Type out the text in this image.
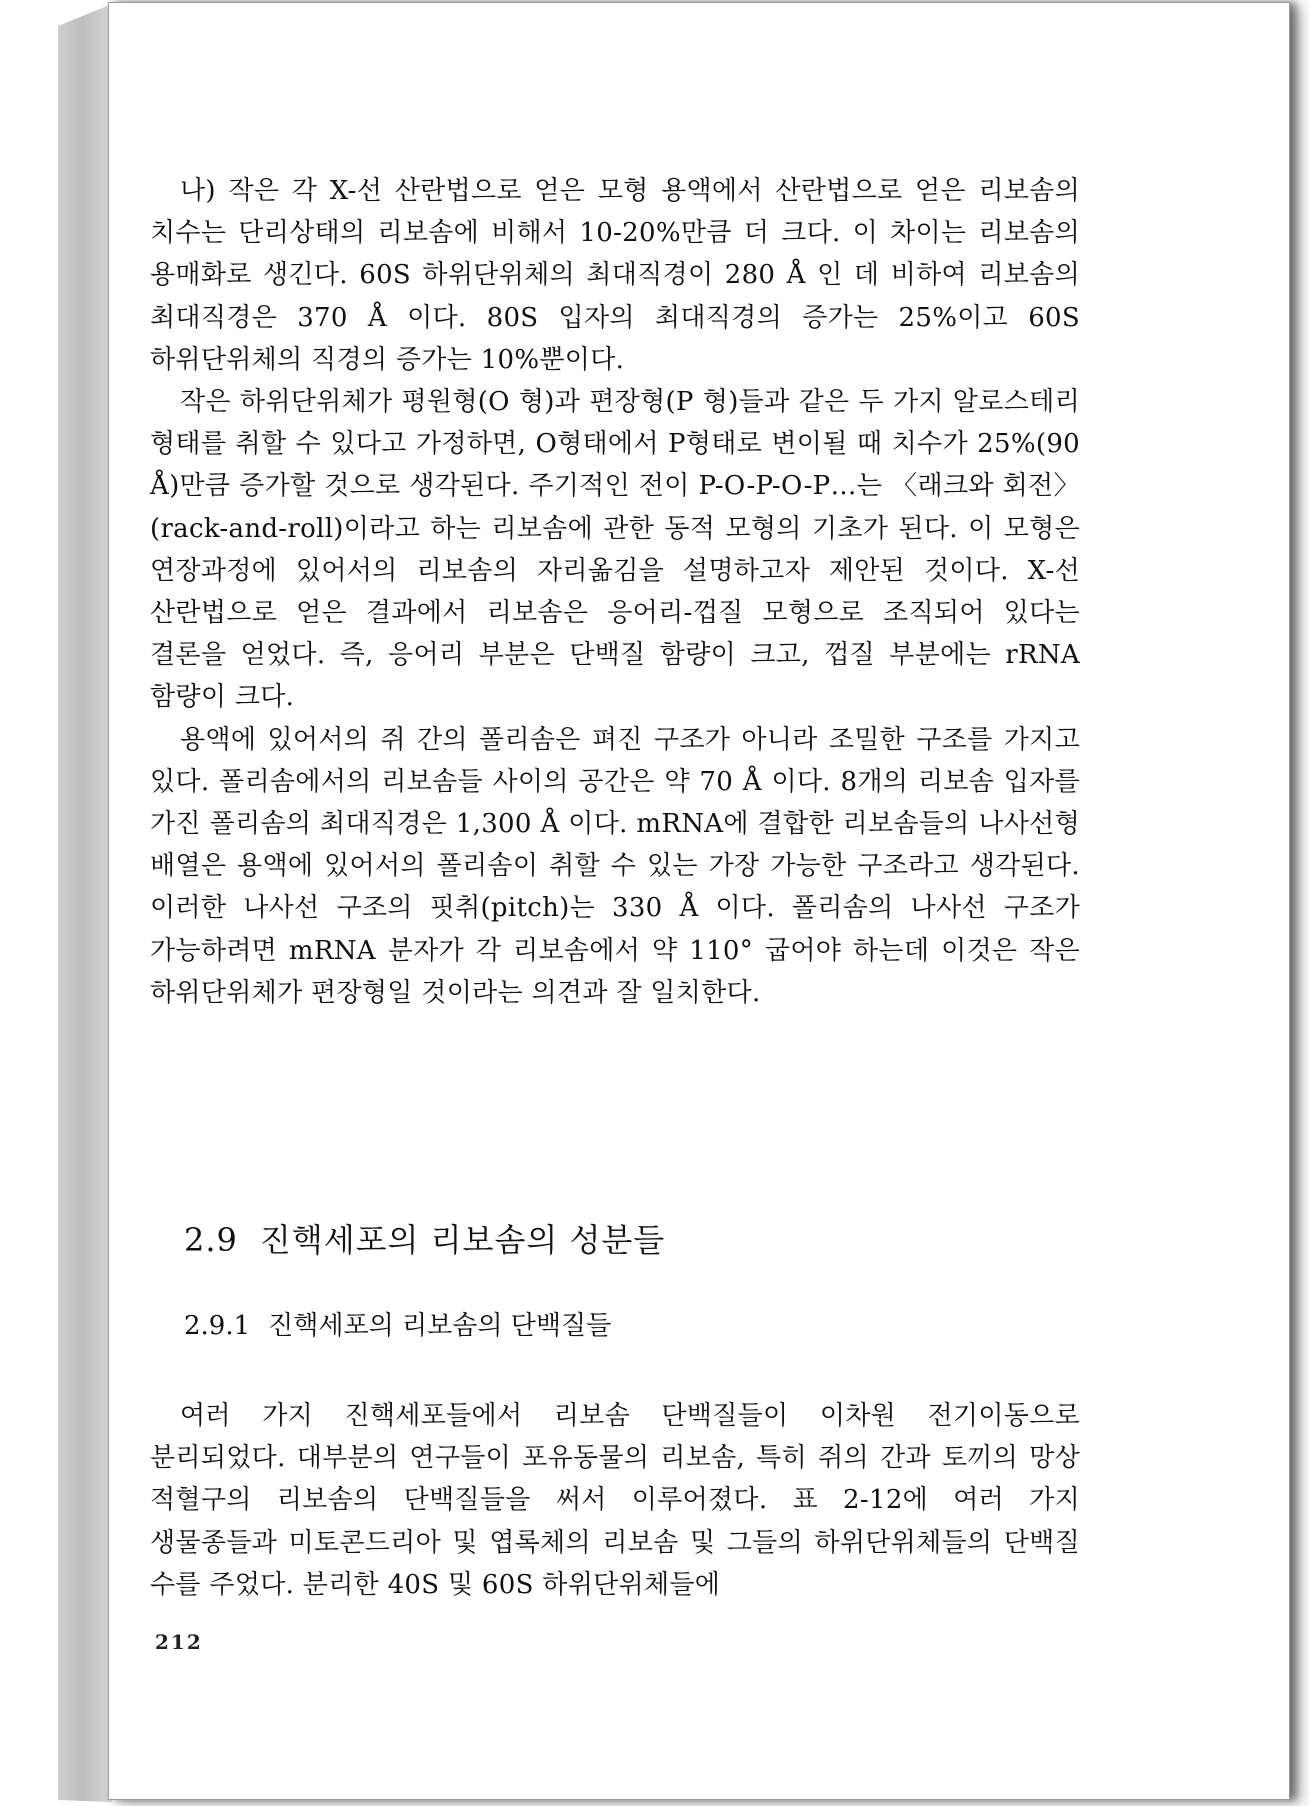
나) 작은 각 X-선 산란법으로 얻은 모형 용액에서 산란법으로 얻은 리보솜의 치수는 단리상태의 리보솜에 비해서 10-20%만큼 더 크다. 이 차이는 리보솜의 용매화로 생긴다. 60S 하위단위체의 최대직경이 280 Å 인 데 비하여 리보솜의 최대직경은 370 Å 이다. 80S 입자의 최대직경의 증가는 25%이고 60S 하위단위체의 직경의 증가는 10%뿐이다.

작은 하위단위체가 평원형(O 형)과 편장형(P 형)들과 같은 두 가지 알로스테리 형태를 취할 수 있다고 가정하면, O형태에서 P형태로 변이될 때 치수가 25%(90 Å)만큼 증가할 것으로 생각된다. 주기적인 전이 P-O-P-O-P…는 〈래크와 회전〉(rack-and-roll)이라고 하는 리보솜에 관한 동적 모형의 기초가 된다. 이 모형은 연장과정에 있어서의 리보솜의 자리옮김을 설명하고자 제안된 것이다. X-선 산란법으로 얻은 결과에서 리보솜은 응어리-껍질 모형으로 조직되어 있다는 결론을 얻었다. 즉, 응어리 부분은 단백질 함량이 크고, 껍질 부분에는 rRNA 함량이 크다.

용액에 있어서의 쥐 간의 폴리솜은 펴진 구조가 아니라 조밀한 구조를 가지고 있다. 폴리솜에서의 리보솜들 사이의 공간은 약 70 Å 이다. 8개의 리보솜 입자를 가진 폴리솜의 최대직경은 1,300 Å 이다. mRNA에 결합한 리보솜들의 나사선형 배열은 용액에 있어서의 폴리솜이 취할 수 있는 가장 가능한 구조라고 생각된다. 이러한 나사선 구조의 핏취(pitch)는 330 Å 이다. 폴리솜의 나사선 구조가 가능하려면 mRNA 분자가 각 리보솜에서 약 110° 굽어야 하는데 이것은 작은 하위단위체가 편장형일 것이라는 의견과 잘 일치한다.

2.9 진핵세포의 리보솜의 성분들
2.9.1 진핵세포의 리보솜의 단백질들

여러 가지 진핵세포들에서 리보솜 단백질들이 이차원 전기이동으로 분리되었다. 대부분의 연구들이 포유동물의 리보솜, 특히 쥐의 간과 토끼의 망상 적혈구의 리보솜의 단백질들을 써서 이루어졌다. 표 2-12에 여러 가지 생물종들과 미토콘드리아 및 엽록체의 리보솜 및 그들의 하위단위체들의 단백질 수를 주었다. 분리한 40S 및 60S 하위단위체들에

212
